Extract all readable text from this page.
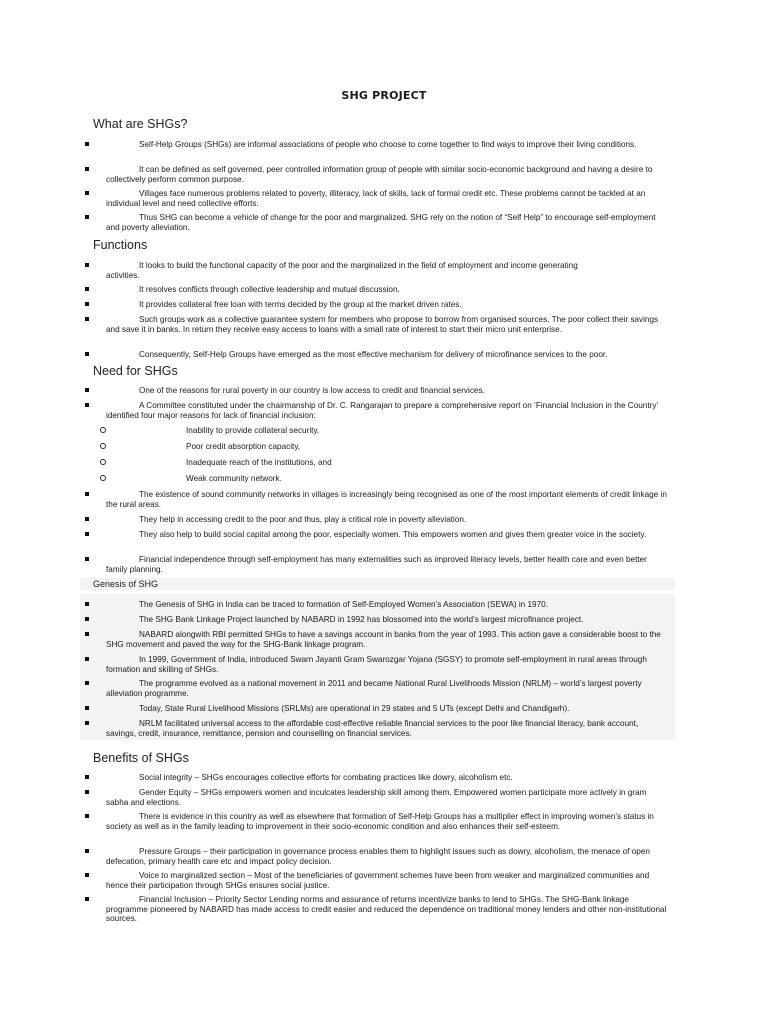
SHG PROJECT
What are SHGs?
Self-Help Groups (SHGs) are informal associations of people who choose to come together to find ways to improve their living conditions.
It can be defined as self governed, peer controlled information group of people with similar socio-economic background and having a desire to collectively perform common purpose.
Villages face numerous problems related to poverty, illiteracy, lack of skills, lack of formal credit etc. These problems cannot be tackled at an individual level and need collective efforts.
Thus SHG can become a vehicle of change for the poor and marginalized. SHG rely on the notion of “Self Help” to encourage self-employment and poverty alleviation.
Functions
It looks to build the functional capacity of the poor and the marginalized in the field of employment and income generating activities.
It resolves conflicts through collective leadership and mutual discussion.
It provides collateral free loan with terms decided by the group at the market driven rates.
Such groups work as a collective guarantee system for members who propose to borrow from organised sources. The poor collect their savings and save it in banks. In return they receive easy access to loans with a small rate of interest to start their micro unit enterprise.
Consequently, Self-Help Groups have emerged as the most effective mechanism for delivery of microfinance services to the poor.
Need for SHGs
One of the reasons for rural poverty in our country is low access to credit and financial services.
A Committee constituted under the chairmanship of Dr. C. Rangarajan to prepare a comprehensive report on ‘Financial Inclusion in the Country’ identified four major reasons for lack of financial inclusion:
Inability to provide collateral security,
Poor credit absorption capacity,
Inadequate reach of the institutions, and
Weak community network.
The existence of sound community networks in villages is increasingly being recognised as one of the most important elements of credit linkage in the rural areas.
They help in accessing credit to the poor and thus, play a critical role in poverty alleviation.
They also help to build social capital among the poor, especially women. This empowers women and gives them greater voice in the society.
Financial independence through self-employment has many externalities such as improved literacy levels, better health care and even better family planning.
Genesis of SHG
The Genesis of SHG in India can be traced to formation of Self-Employed Women’s Association (SEWA) in 1970.
The SHG Bank Linkage Project launched by NABARD in 1992 has blossomed into the world’s largest microfinance project.
NABARD alongwith RBI permitted SHGs to have a savings account in banks from the year of 1993. This action gave a considerable boost to the SHG movement and paved the way for the SHG-Bank linkage program.
In 1999, Government of India, introduced Swarn Jayanti Gram Swarozgar Yojana (SGSY) to promote self-employment in rural areas through formation and skilling of SHGs.
The programme evolved as a national movement in 2011 and became National Rural Livelihoods Mission (NRLM) – world’s largest poverty alleviation programme.
Today, State Rural Livelihood Missions (SRLMs) are operational in 29 states and 5 UTs (except Delhi and Chandigarh).
NRLM facilitated universal access to the affordable cost-effective reliable financial services to the poor like financial literacy, bank account, savings, credit, insurance, remittance, pension and counselling on financial services.
Benefits of SHGs
Social integrity – SHGs encourages collective efforts for combating practices like dowry, alcoholism etc.
Gender Equity – SHGs empowers women and inculcates leadership skill among them. Empowered women participate more actively in gram sabha and elections.
There is evidence in this country as well as elsewhere that formation of Self-Help Groups has a multiplier effect in improving women’s status in society as well as in the family leading to improvement in their socio-economic condition and also enhances their self-esteem.
Pressure Groups – their participation in governance process enables them to highlight issues such as dowry, alcoholism, the menace of open defecation, primary health care etc and impact policy decision.
Voice to marginalized section – Most of the beneficiaries of government schemes have been from weaker and marginalized communities and hence their participation through SHGs ensures social justice.
Financial Inclusion – Priority Sector Lending norms and assurance of returns incentivize banks to lend to SHGs. The SHG-Bank linkage programme pioneered by NABARD has made access to credit easier and reduced the dependence on traditional money lenders and other non-institutional sources.
